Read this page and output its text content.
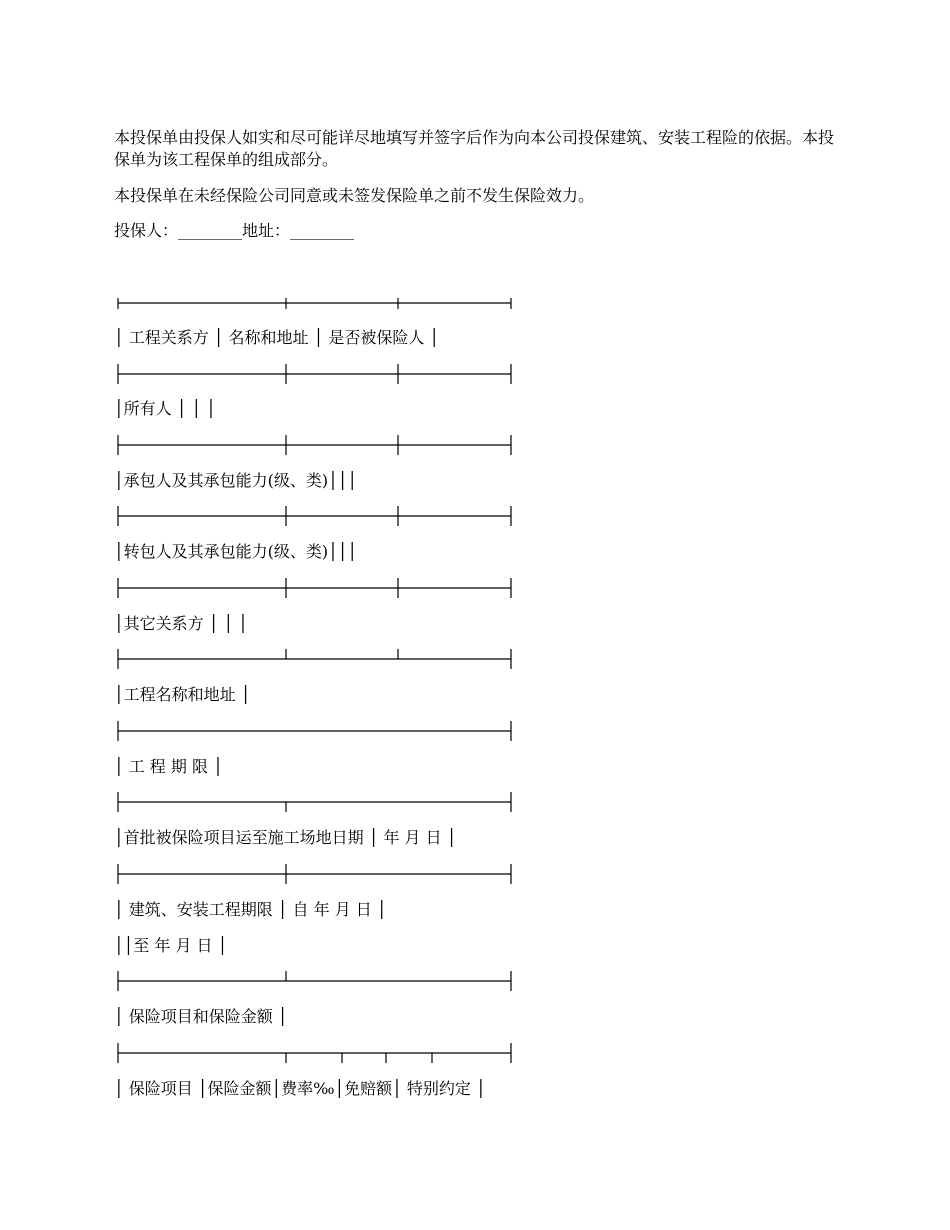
本投保单由投保人如实和尽可能详尽地填写并签字后作为向本公司投保建筑、安装工程险的依据。本投保单为该工程保单的组成部分。

本投保单在未经保险公司同意或未签发保险单之前不发生保险效力。

投保人：________地址：________
│ 工程关系方 │ 名称和地址 │ 是否被保险人 │
│所有人 │ │ │
│承包人及其承包能力(级、类)│││
│转包人及其承包能力(级、类)│││
│其它关系方 │ │ │
│工程名称和地址 │
│ 工 程 期 限 │
│首批被保险项目运至施工场地日期 │ 年 月 日 │
│ 建筑、安装工程期限 │ 自 年 月 日 │
││至 年 月 日 │
│ 保险项目和保险金额 │
│ 保险项目 │保险金额│费率‰│免赔额│ 特别约定 │
